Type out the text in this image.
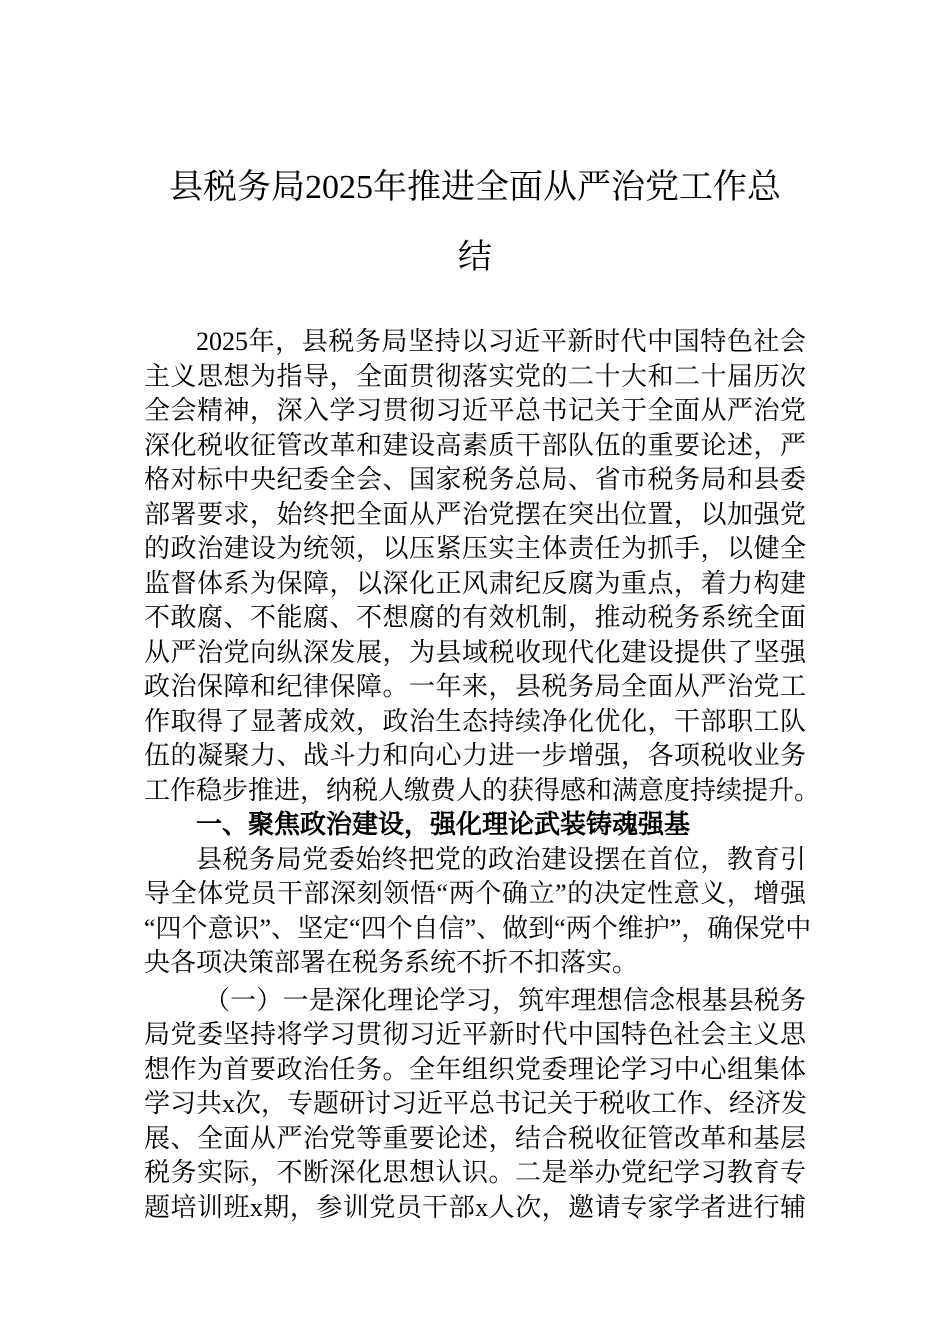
县税务局2025年推进全面从严治党工作总
结
2025年，县税务局坚持以习近平新时代中国特色社会
主义思想为指导，全面贯彻落实党的二十大和二十届历次
全会精神，深入学习贯彻习近平总书记关于全面从严治党
深化税收征管改革和建设高素质干部队伍的重要论述，严
格对标中央纪委全会、国家税务总局、省市税务局和县委
部署要求，始终把全面从严治党摆在突出位置，以加强党
的政治建设为统领，以压紧压实主体责任为抓手，以健全
监督体系为保障，以深化正风肃纪反腐为重点，着力构建
不敢腐、不能腐、不想腐的有效机制，推动税务系统全面
从严治党向纵深发展，为县域税收现代化建设提供了坚强
政治保障和纪律保障。一年来，县税务局全面从严治党工
作取得了显著成效，政治生态持续净化优化，干部职工队
伍的凝聚力、战斗力和向心力进一步增强，各项税收业务
工作稳步推进，纳税人缴费人的获得感和满意度持续提升。
一、聚焦政治建设，强化理论武装铸魂强基
县税务局党委始终把党的政治建设摆在首位，教育引
导全体党员干部深刻领悟“两个确立”的决定性意义，增强
“四个意识”、坚定“四个自信”、做到“两个维护”，确保党中
央各项决策部署在税务系统不折不扣落实。
（一）一是深化理论学习，筑牢理想信念根基县税务
局党委坚持将学习贯彻习近平新时代中国特色社会主义思
想作为首要政治任务。全年组织党委理论学习中心组集体
学习共x次，专题研讨习近平总书记关于税收工作、经济发
展、全面从严治党等重要论述，结合税收征管改革和基层
税务实际，不断深化思想认识。二是举办党纪学习教育专
题培训班x期，参训党员干部x人次，邀请专家学者进行辅
